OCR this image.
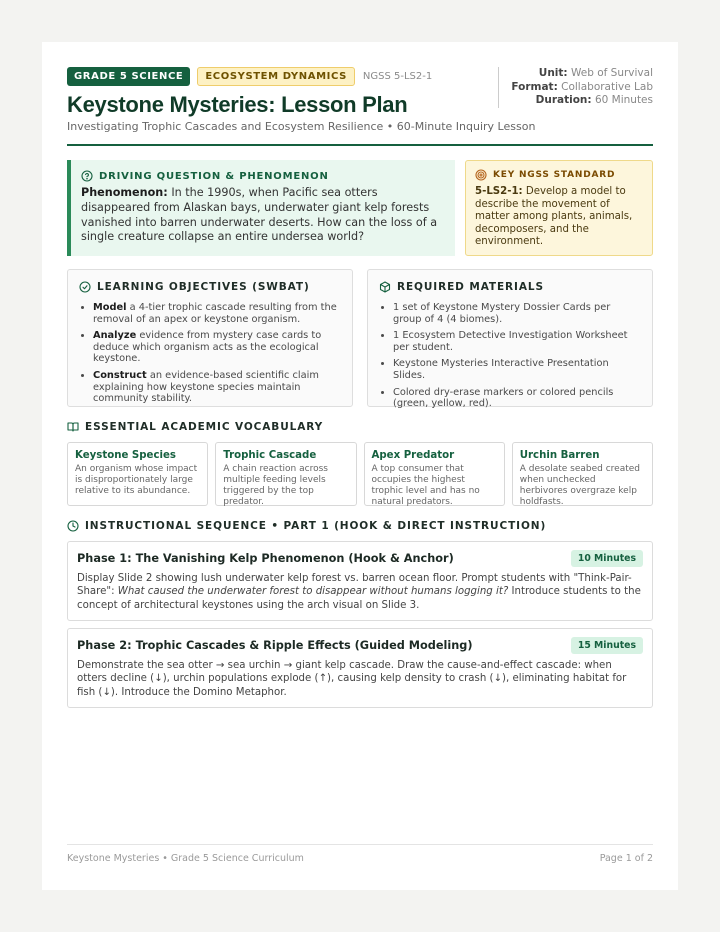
GRADE 5 SCIENCE	ECOSYSTEM DYNAMICS	NGSS 5-LS2-1
Keystone Mysteries: Lesson Plan
Investigating Trophic Cascades and Ecosystem Resilience • 60-Minute Inquiry Lesson
Unit: Web of Survival
Format: Collaborative Lab
Duration: 60 Minutes
DRIVING QUESTION & PHENOMENON

Phenomenon: In the 1990s, when Pacific sea otters disappeared from Alaskan bays, underwater giant kelp forests vanished into barren underwater deserts. How can the loss of a single creature collapse an entire undersea world?

KEY NGSS STANDARD

5-LS2-1: Develop a model to describe the movement of matter among plants, animals, decomposers, and the environment.

LEARNING OBJECTIVES (SWBAT)
• Model a 4-tier trophic cascade resulting from the removal of an apex or keystone organism.
• Analyze evidence from mystery case cards to deduce which organism acts as the ecological keystone.
• Construct an evidence-based scientific claim explaining how keystone species maintain community stability.
REQUIRED MATERIALS
• 1 set of Keystone Mystery Dossier Cards per group of 4 (4 biomes).
• 1 Ecosystem Detective Investigation Worksheet per student.
• Keystone Mysteries Interactive Presentation Slides.
• Colored dry-erase markers or colored pencils (green, yellow, red).
ESSENTIAL ACADEMIC VOCABULARY
Keystone Species
An organism whose impact is disproportionately large relative to its abundance.
Trophic Cascade
A chain reaction across multiple feeding levels triggered by the top predator.
Apex Predator
A top consumer that occupies the highest trophic level and has no natural predators.
Urchin Barren
A desolate seabed created when unchecked herbivores overgraze kelp holdfasts.
INSTRUCTIONAL SEQUENCE • PART 1 (HOOK & DIRECT INSTRUCTION)
Phase 1: The Vanishing Kelp Phenomenon (Hook & Anchor)	10 Minutes

Display Slide 2 showing lush underwater kelp forest vs. barren ocean floor. Prompt students with "Think-Pair-Share": What caused the underwater forest to disappear without humans logging it? Introduce students to the concept of architectural keystones using the arch visual on Slide 3.

Phase 2: Trophic Cascades & Ripple Effects (Guided Modeling)	15 Minutes

Demonstrate the sea otter → sea urchin → giant kelp cascade. Draw the cause-and-effect cascade: when otters decline (↓), urchin populations explode (↑), causing kelp density to crash (↓), eliminating habitat for fish (↓). Introduce the Domino Metaphor.

Keystone Mysteries • Grade 5 Science Curriculum	Page 1 of 2
